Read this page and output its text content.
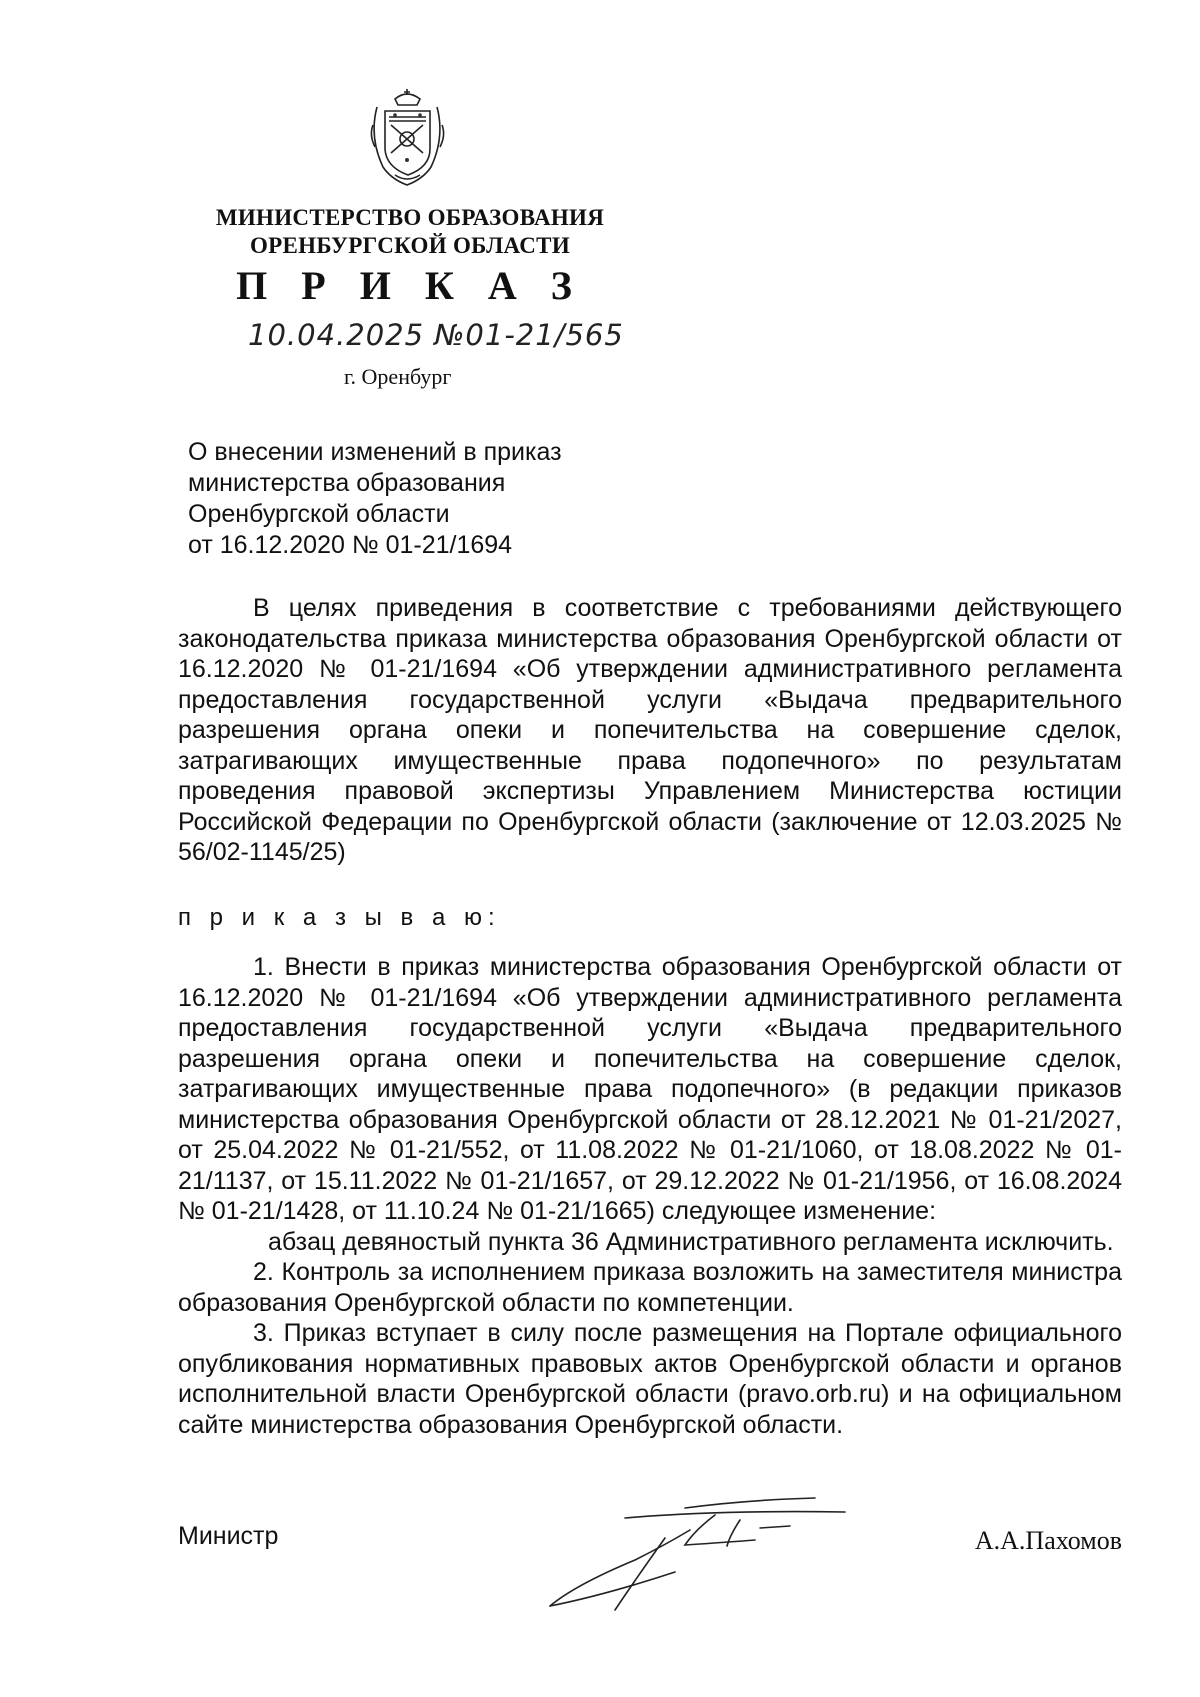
МИНИСТЕРСТВО ОБРАЗОВАНИЯ
ОРЕНБУРГСКОЙ ОБЛАСТИ
П Р И К А З
10.04.2025 №01-21/565
г. Оренбург
О внесении изменений в приказ
министерства образования
Оренбургской области
от 16.12.2020 № 01-21/1694

В целях приведения в соответствие с требованиями действующего законодательства приказа министерства образования Оренбургской области от 16.12.2020 № 01-21/1694 «Об утверждении административного регламента предоставления государственной услуги «Выдача предварительного разрешения органа опеки и попечительства на совершение сделок, затрагивающих имущественные права подопечного» по результатам проведения правовой экспертизы Управлением Министерства юстиции Российской Федерации по Оренбургской области (заключение от 12.03.2025 № 56/02-1145/25)

п р и к а з ы в а ю:

1. Внести в приказ министерства образования Оренбургской области от 16.12.2020 № 01-21/1694 «Об утверждении административного регламента предоставления государственной услуги «Выдача предварительного разрешения органа опеки и попечительства на совершение сделок, затрагивающих имущественные права подопечного» (в редакции приказов министерства образования Оренбургской области от 28.12.2021 № 01-21/2027, от 25.04.2022 № 01-21/552, от 11.08.2022 № 01-21/1060, от 18.08.2022 № 01-21/1137, от 15.11.2022 № 01-21/1657, от 29.12.2022 № 01-21/1956, от 16.08.2024 № 01-21/1428, от 11.10.24 № 01-21/1665) следующее изменение:

абзац девяностый пункта 36 Административного регламента исключить.

2. Контроль за исполнением приказа возложить на заместителя министра образования Оренбургской области по компетенции.

3. Приказ вступает в силу после размещения на Портале официального опубликования нормативных правовых актов Оренбургской области и органов исполнительной власти Оренбургской области (pravo.orb.ru) и на официальном сайте министерства образования Оренбургской области.

Министр	А.А.Пахомов
